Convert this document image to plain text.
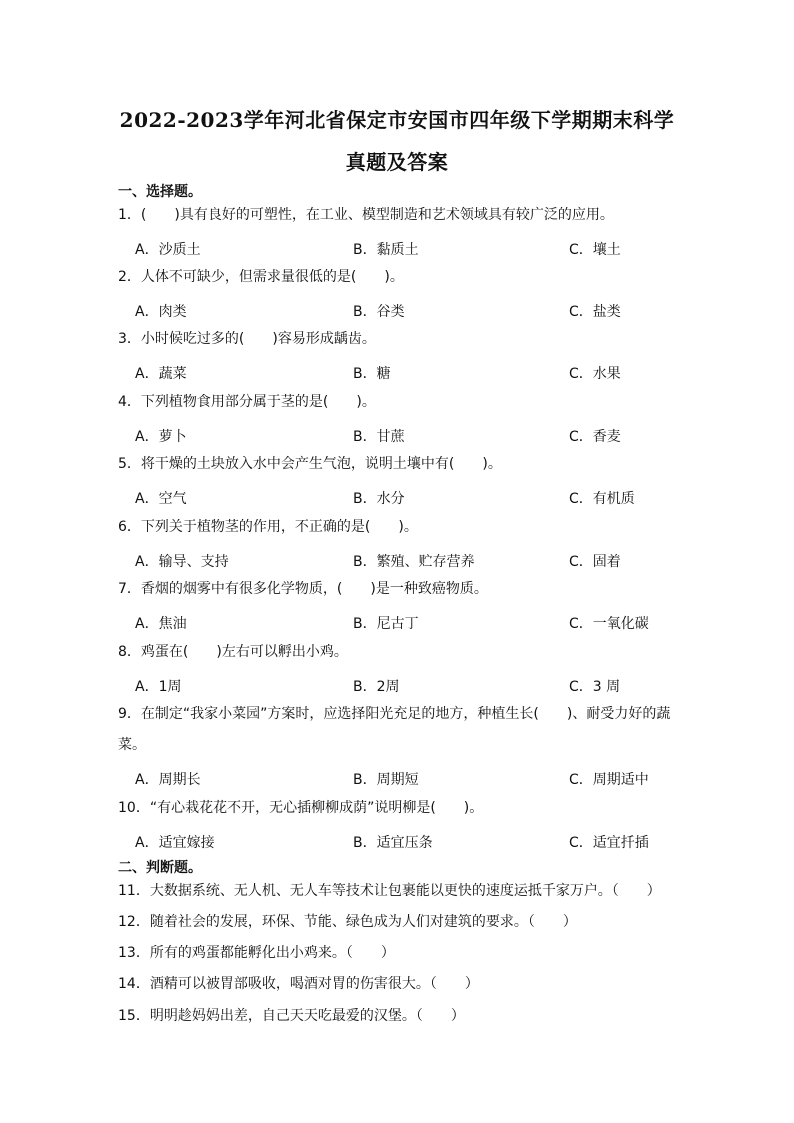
2022-2023学年河北省保定市安国市四年级下学期期末科学
真题及答案
一、选择题。
1．(　　)具有良好的可塑性，在工业、模型制造和艺术领域具有较广泛的应用。
A．沙质土	B．黏质土	C．壤土
2．人体不可缺少，但需求量很低的是(　　)。
A．肉类	B．谷类	C．盐类
3．小时候吃过多的(　　)容易形成龋齿。
A．蔬菜	B．糖	C．水果
4．下列植物食用部分属于茎的是(　　)。
A．萝卜	B．甘蔗	C．香麦
5．将干燥的土块放入水中会产生气泡，说明土壤中有(　　)。
A．空气	B．水分	C．有机质
6．下列关于植物茎的作用，不正确的是(　　)。
A．输导、支持	B．繁殖、贮存营养	C．固着
7．香烟的烟雾中有很多化学物质，(　　)是一种致癌物质。
A．焦油	B．尼古丁	C．一氧化碳
8．鸡蛋在(　　)左右可以孵出小鸡。
A．1周	B．2周	C．3 周
9．在制定“我家小菜园”方案时，应选择阳光充足的地方，种植生长(　　)、耐受力好的蔬菜。
A．周期长	B．周期短	C．周期适中
10．“有心栽花花不开，无心插柳柳成荫”说明柳是(　　)。
A．适宜嫁接	B．适宜压条	C．适宜扦插
二、判断题。
11．大数据系统、无人机、无人车等技术让包裹能以更快的速度运抵千家万户。（　　）
12．随着社会的发展，环保、节能、绿色成为人们对建筑的要求。（　　）
13．所有的鸡蛋都能孵化出小鸡来。（　　）
14．酒精可以被胃部吸收，喝酒对胃的伤害很大。（　　）
15．明明趁妈妈出差，自己天天吃最爱的汉堡。（　　）
